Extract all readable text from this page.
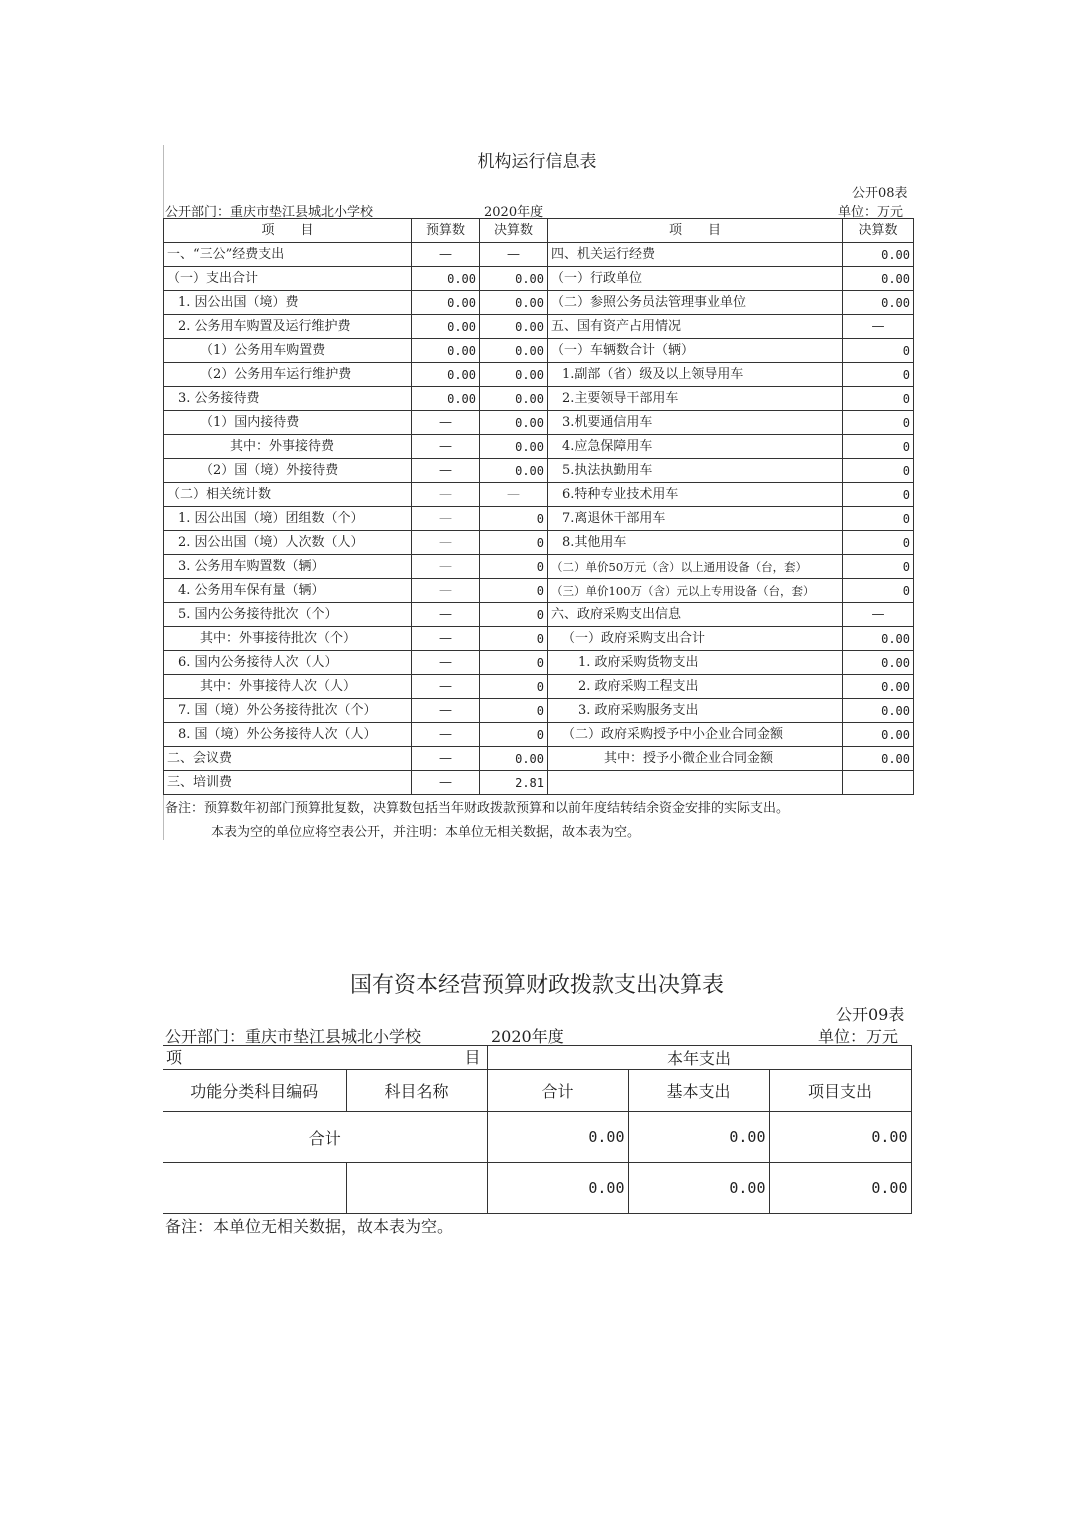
机构运行信息表
公开08表
公开部门：重庆市垫江县城北小学校	2020年度	单位：万元
项　　目	预算数	决算数	项　　目	决算数
一、“三公”经费支出	—	—	四、机关运行经费	0.00
（一）支出合计	0.00	0.00	（一）行政单位	0.00
1. 因公出国（境）费	0.00	0.00	（二）参照公务员法管理事业单位	0.00
2. 公务用车购置及运行维护费	0.00	0.00	五、国有资产占用情况	—
（1）公务用车购置费	0.00	0.00	（一）车辆数合计（辆）	0
（2）公务用车运行维护费	0.00	0.00	1.副部（省）级及以上领导用车	0
3. 公务接待费	0.00	0.00	2.主要领导干部用车	0
（1）国内接待费	—	0.00	3.机要通信用车	0
其中：外事接待费	—	0.00	4.应急保障用车	0
（2）国（境）外接待费	—	0.00	5.执法执勤用车	0
（二）相关统计数	—	—	6.特种专业技术用车	0
1. 因公出国（境）团组数（个）	—	0	7.离退休干部用车	0
2. 因公出国（境）人次数（人）	—	0	8.其他用车	0
3. 公务用车购置数（辆）	—	0	（二）单价50万元（含）以上通用设备（台，套）	0
4. 公务用车保有量（辆）	—	0	（三）单价100万（含）元以上专用设备（台，套）	0
5. 国内公务接待批次（个）	—	0	六、政府采购支出信息	—
其中：外事接待批次（个）	—	0	（一）政府采购支出合计	0.00
6. 国内公务接待人次（人）	—	0	1. 政府采购货物支出	0.00
其中：外事接待人次（人）	—	0	2. 政府采购工程支出	0.00
7. 国（境）外公务接待批次（个）	—	0	3. 政府采购服务支出	0.00
8. 国（境）外公务接待人次（人）	—	0	（二）政府采购授予中小企业合同金额	0.00
二、会议费	—	0.00	其中：授予小微企业合同金额	0.00
三、培训费	—	2.81		
备注：预算数年初部门预算批复数，决算数包括当年财政拨款预算和以前年度结转结余资金安排的实际支出。
本表为空的单位应将空表公开，并注明：本单位无相关数据，故本表为空。
国有资本经营预算财政拨款支出决算表
公开09表
公开部门：重庆市垫江县城北小学校	2020年度	单位：万元
项 目		本年支出		
功能分类科目编码	科目名称	合计	基本支出	项目支出
合计		0.00	0.00	0.00
		0.00	0.00	0.00
备注：本单位无相关数据，故本表为空。
